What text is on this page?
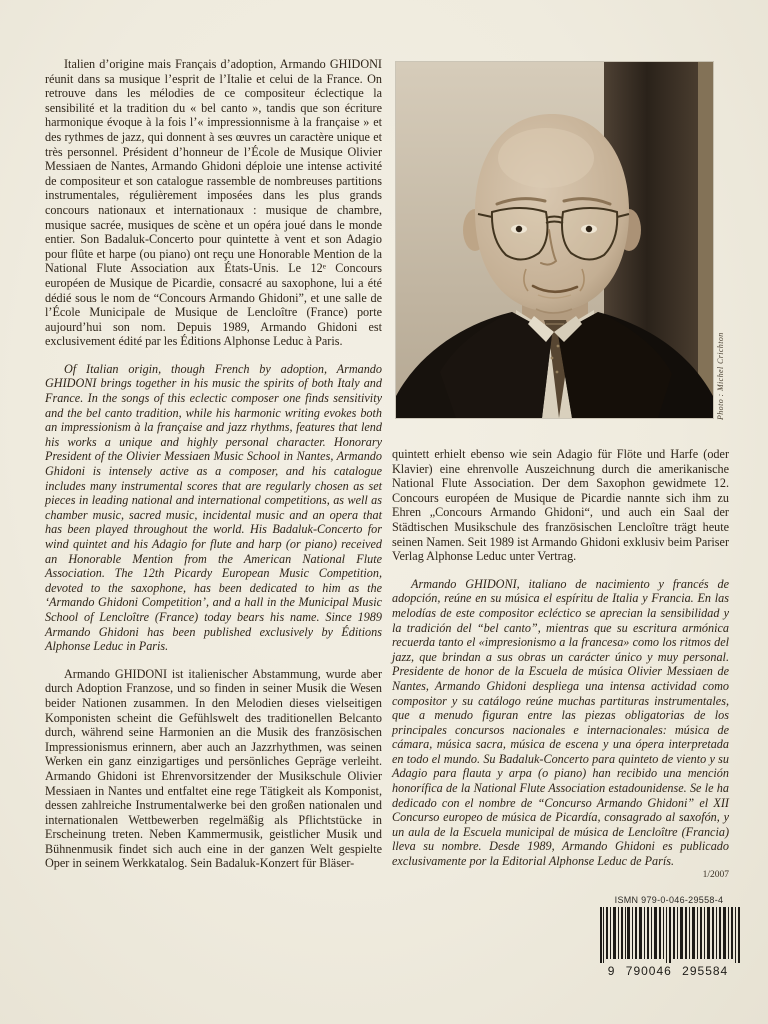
Italien d’origine mais Français d’adoption, Armando GHIDONI réunit dans sa musique l’esprit de l’Italie et celui de la France. On retrouve dans les mélodies de ce compositeur éclectique la sensibilité et la tradition du « bel canto », tandis que son écriture harmonique évoque à la fois l’« impressionnisme à la française » et des rythmes de jazz, qui donnent à ses œuvres un caractère unique et très personnel. Président d’honneur de l’École de Musique Olivier Messiaen de Nantes, Armando Ghidoni déploie une intense activité de compositeur et son catalogue rassemble de nombreuses partitions instrumentales, régulièrement imposées dans les plus grands concours nationaux et internationaux : musique de chambre, musique sacrée, musiques de scène et un opéra joué dans le monde entier. Son Badaluk-Concerto pour quintette à vent et son Adagio pour flûte et harpe (ou piano) ont reçu une Honorable Mention de la National Flute Association aux États-Unis. Le 12ᵉ Concours européen de Musique de Picardie, consacré au saxophone, lui a été dédié sous le nom de “Concours Armando Ghidoni”, et une salle de l’École Municipale de Musique de Lencloître (France) porte aujourd’hui son nom. Depuis 1989, Armando Ghidoni est exclusivement édité par les Éditions Alphonse Leduc à Paris.

Of Italian origin, though French by adoption, Armando GHIDONI brings together in his music the spirits of both Italy and France. In the songs of this eclectic composer one finds sensitivity and the bel canto tradition, while his harmonic writing evokes both an impressionism à la française and jazz rhythms, features that lend his works a unique and highly personal character. Honorary President of the Olivier Messiaen Music School in Nantes, Armando Ghidoni is intensely active as a composer, and his catalogue includes many instrumental scores that are regularly chosen as set pieces in leading national and international competitions, as well as chamber music, sacred music, incidental music and an opera that has been played throughout the world. His Badaluk-Concerto for wind quintet and his Adagio for flute and harp (or piano) received an Honorable Mention from the American National Flute Association. The 12th Picardy European Music Competition, devoted to the saxophone, has been dedicated to him as the ‘Armando Ghidoni Competition’, and a hall in the Municipal Music School of Lencloître (France) today bears his name. Since 1989 Armando Ghidoni has been published exclusively by Éditions Alphonse Leduc in Paris.

Armando GHIDONI ist italienischer Abstammung, wurde aber durch Adoption Franzose, und so finden in seiner Musik die Wesen beider Nationen zusammen. In den Melodien dieses vielseitigen Komponisten scheint die Gefühlswelt des traditionellen Belcanto durch, während seine Harmonien an die Musik des französischen Impressionismus erinnern, aber auch an Jazzrhythmen, was seinen Werken ein ganz einzigartiges und persönliches Gepräge verleiht. Armando Ghidoni ist Ehrenvorsitzender der Musikschule Olivier Messiaen in Nantes und entfaltet eine rege Tätigkeit als Komponist, dessen zahlreiche Instrumentalwerke bei den großen nationalen und internationalen Wettbewerben regelmäßig als Pflichtstücke in Erscheinung treten. Neben Kammermusik, geistlicher Musik und Bühnenmusik findet sich auch eine in der ganzen Welt gespielte Oper in seinem Werkkatalog. Sein Badaluk-Konzert für Bläser-

Photo : Michel Crichton

quintett erhielt ebenso wie sein Adagio für Flöte und Harfe (oder Klavier) eine ehrenvolle Auszeichnung durch die amerikanische National Flute Association. Der dem Saxophon gewidmete 12. Concours européen de Musique de Picardie nannte sich ihm zu Ehren „Concours Armando Ghidoni“, und auch ein Saal der Städtischen Musikschule des französischen Lencloître trägt heute seinen Namen. Seit 1989 ist Armando Ghidoni exklusiv beim Pariser Verlag Alphonse Leduc unter Vertrag.

Armando GHIDONI, italiano de nacimiento y francés de adopción, reúne en su música el espíritu de Italia y Francia. En las melodías de este compositor ecléctico se aprecian la sensibilidad y la tradición del “bel canto”, mientras que su escritura armónica recuerda tanto el «impresionismo a la francesa» como los ritmos del jazz, que brindan a sus obras un carácter único y muy personal. Presidente de honor de la Escuela de música Olivier Messiaen de Nantes, Armando Ghidoni despliega una intensa actividad como compositor y su catálogo reúne muchas partituras instrumentales, que a menudo figuran entre las piezas obligatorias de los principales concursos nacionales e internacionales: música de cámara, música sacra, música de escena y una ópera interpretada en todo el mundo. Su Badaluk-Concerto para quinteto de viento y su Adagio para flauta y arpa (o piano) han recibido una mención honorífica de la National Flute Association estadounidense. Se le ha dedicado con el nombre de “Concurso Armando Ghidoni” el XII Concurso europeo de música de Picardía, consagrado al saxofón, y un aula de la Escuela municipal de música de Lencloître (Francia) lleva su nombre. Desde 1989, Armando Ghidoni es publicado exclusivamente por la Editorial Alphonse Leduc de París.

1/2007
ISMN 979-0-046-29558-4
9 790046 295584
